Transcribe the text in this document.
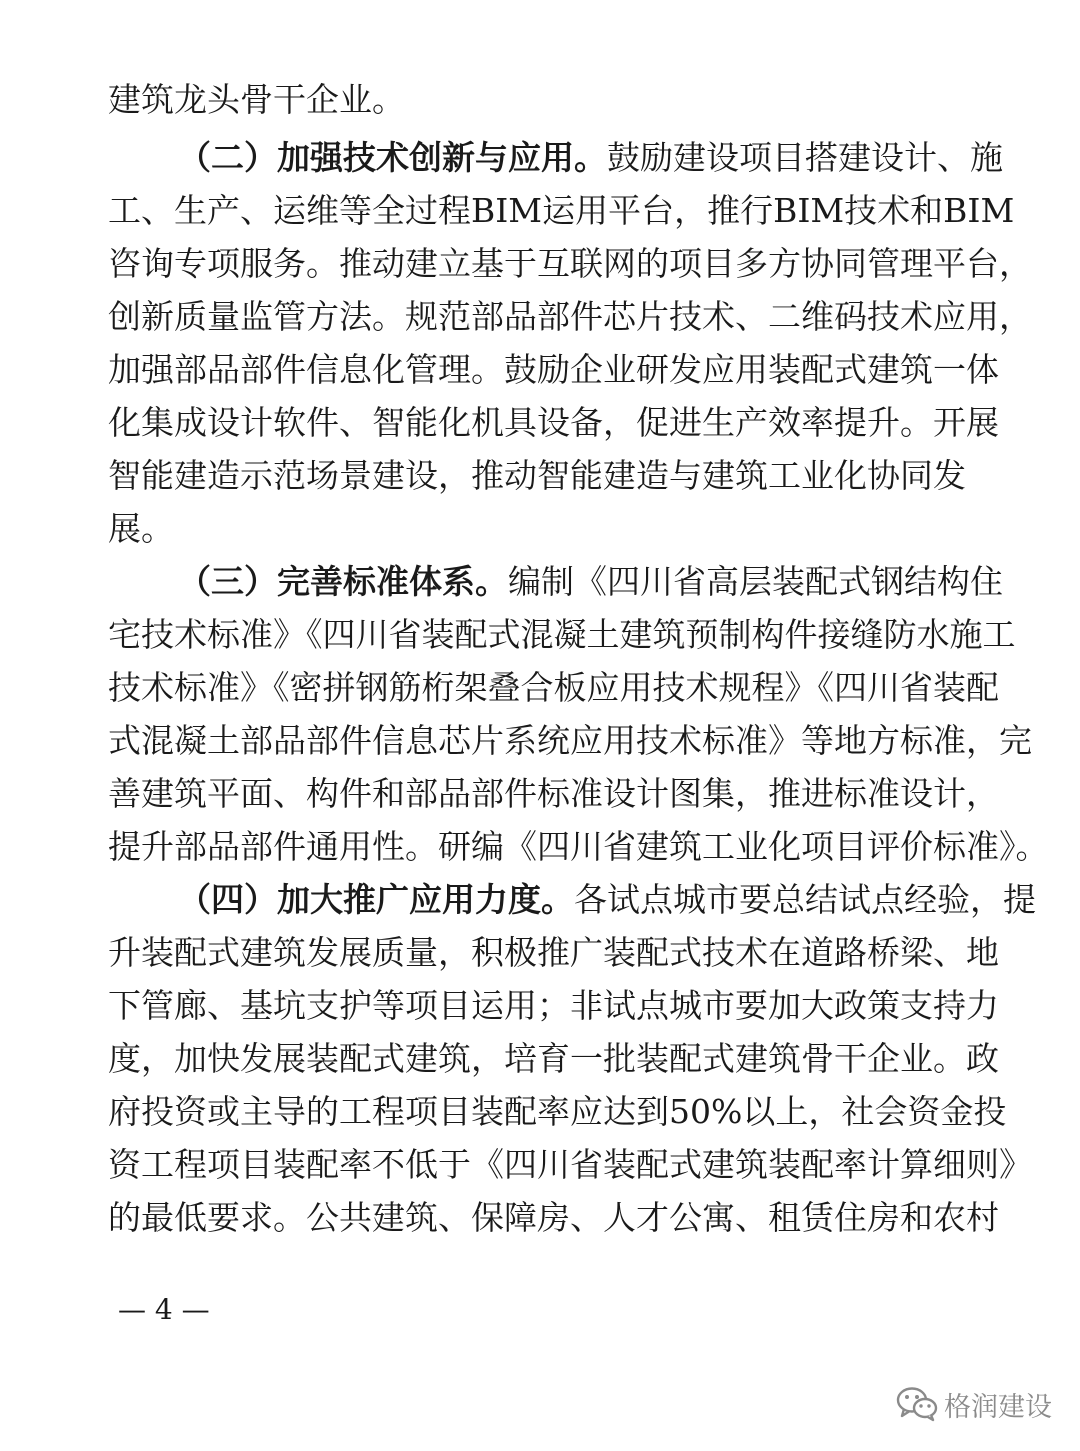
建筑龙头骨干企业。
（二）加强技术创新与应用。鼓励建设项目搭建设计、施
工、生产、运维等全过程BIM运用平台，推行BIM技术和BIM
咨询专项服务。推动建立基于互联网的项目多方协同管理平台，
创新质量监管方法。规范部品部件芯片技术、二维码技术应用，
加强部品部件信息化管理。鼓励企业研发应用装配式建筑一体
化集成设计软件、智能化机具设备，促进生产效率提升。开展
智能建造示范场景建设，推动智能建造与建筑工业化协同发
展。
（三）完善标准体系。编制《四川省高层装配式钢结构住
宅技术标准》《四川省装配式混凝土建筑预制构件接缝防水施工
技术标准》《密拼钢筋桁架叠合板应用技术规程》《四川省装配
式混凝土部品部件信息芯片系统应用技术标准》等地方标准，完
善建筑平面、构件和部品部件标准设计图集，推进标准设计，
提升部品部件通用性。研编《四川省建筑工业化项目评价标准》。
（四）加大推广应用力度。各试点城市要总结试点经验，提
升装配式建筑发展质量，积极推广装配式技术在道路桥梁、地
下管廊、基坑支护等项目运用；非试点城市要加大政策支持力
度，加快发展装配式建筑，培育一批装配式建筑骨干企业。政
府投资或主导的工程项目装配率应达到50%以上，社会资金投
资工程项目装配率不低于《四川省装配式建筑装配率计算细则》
的最低要求。公共建筑、保障房、人才公寓、租赁住房和农村
— 4 —
格润建设
